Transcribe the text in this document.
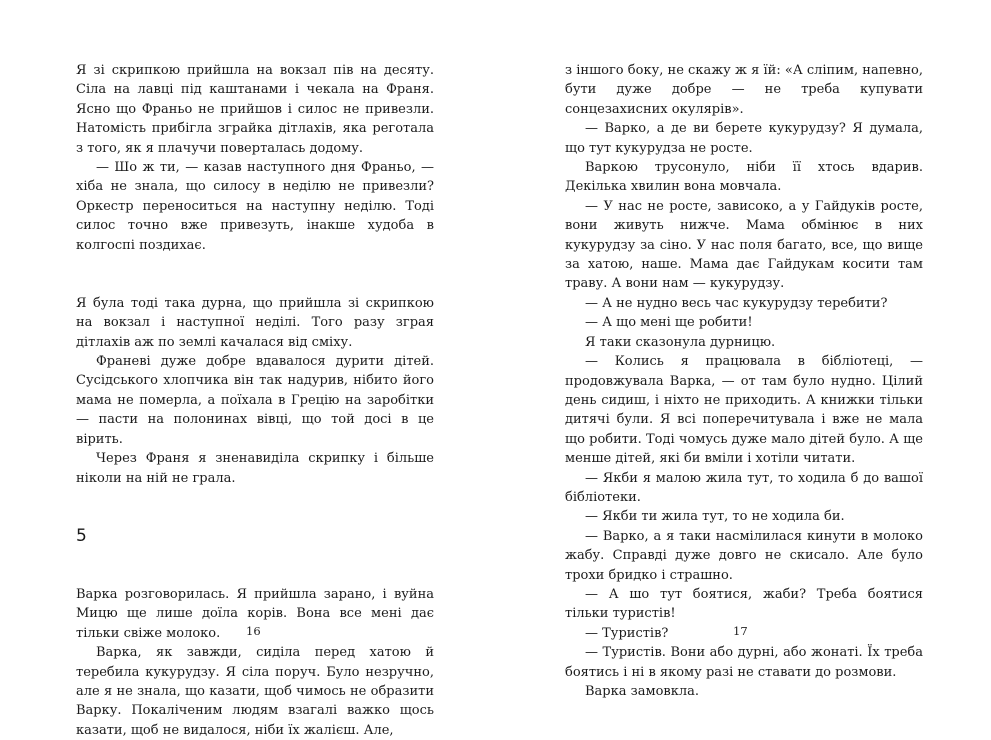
Я зі скрипкою прийшла на вокзал пів на десяту. Сіла на лавці під каштанами і чекала на Франя. Ясно що Франьо не прийшов і силос не привезли. Натомість прибігла зграйка дітлахів, яка реготала з того, як я плачучи поверталась додому.

— Шо ж ти, — казав наступного дня Франьо, — хіба не знала, що силосу в неділю не привезли? Оркестр переноситься на наступну неділю. Тоді силос точно вже привезуть, інакше худоба в колгоспі поздихає.

Я була тоді така дурна, що прийшла зі скрипкою на вокзал і наступної неділі. Того разу зграя дітлахів аж по землі качалася від сміху.

Франеві дуже добре вдавалося дурити дітей. Сусідського хлопчика він так надурив, нібито його мама не померла, а поїхала в Грецію на заробітки — пасти на полонинах вівці, що той досі в це вірить.

Через Франя я зненавиділа скрипку і більше ніколи на ній не грала.

5

Варка розговорилась. Я прийшла зарано, і вуйна Мицю ще лише доїла корів. Вона все мені дає тільки свіже молоко.

Варка, як завжди, сиділа перед хатою й теребила кукурудзу. Я сіла поруч. Було незручно, але я не знала, що казати, щоб чимось не образити Варку. Покаліченим людям взагалі важко щось казати, щоб не видалося, ніби їх жалієш. Але,

16

з іншого боку, не скажу ж я їй: «А сліпим, напевно, бути дуже добре — не треба купувати сонцезахисних окулярів».

— Варко, а де ви берете кукурудзу? Я думала, що тут кукурудза не росте.

Варкою трусонуло, ніби її хтось вдарив. Декілька хвилин вона мовчала.

— У нас не росте, зависоко, а у Гайдуків росте, вони живуть нижче. Мама обмінює в них кукурудзу за сіно. У нас поля багато, все, що вище за хатою, наше. Мама дає Гайдукам косити там траву. А вони нам — кукурудзу.

— А не нудно весь час кукурудзу теребити?

— А що мені ще робити!

Я таки сказонула дурницю.

— Колись я працювала в бібліотеці, — продовжувала Варка, — от там було нудно. Цілий день сидиш, і ніхто не приходить. А книжки тільки дитячі були. Я всі поперечитувала і вже не мала що робити. Тоді чомусь дуже мало дітей було. А ще менше дітей, які би вміли і хотіли читати.

— Якби я малою жила тут, то ходила б до вашої бібліотеки.

— Якби ти жила тут, то не ходила би.

— Варко, а я таки насмілилася кинути в молоко жабу. Справді дуже довго не скисало. Але було трохи бридко і страшно.

— А шо тут боятися, жаби? Треба боятися тільки туристів!

— Туристів?

— Туристів. Вони або дурні, або жонаті. Їх треба боятись і ні в якому разі не ставати до розмови.

Варка замовкла.

17
